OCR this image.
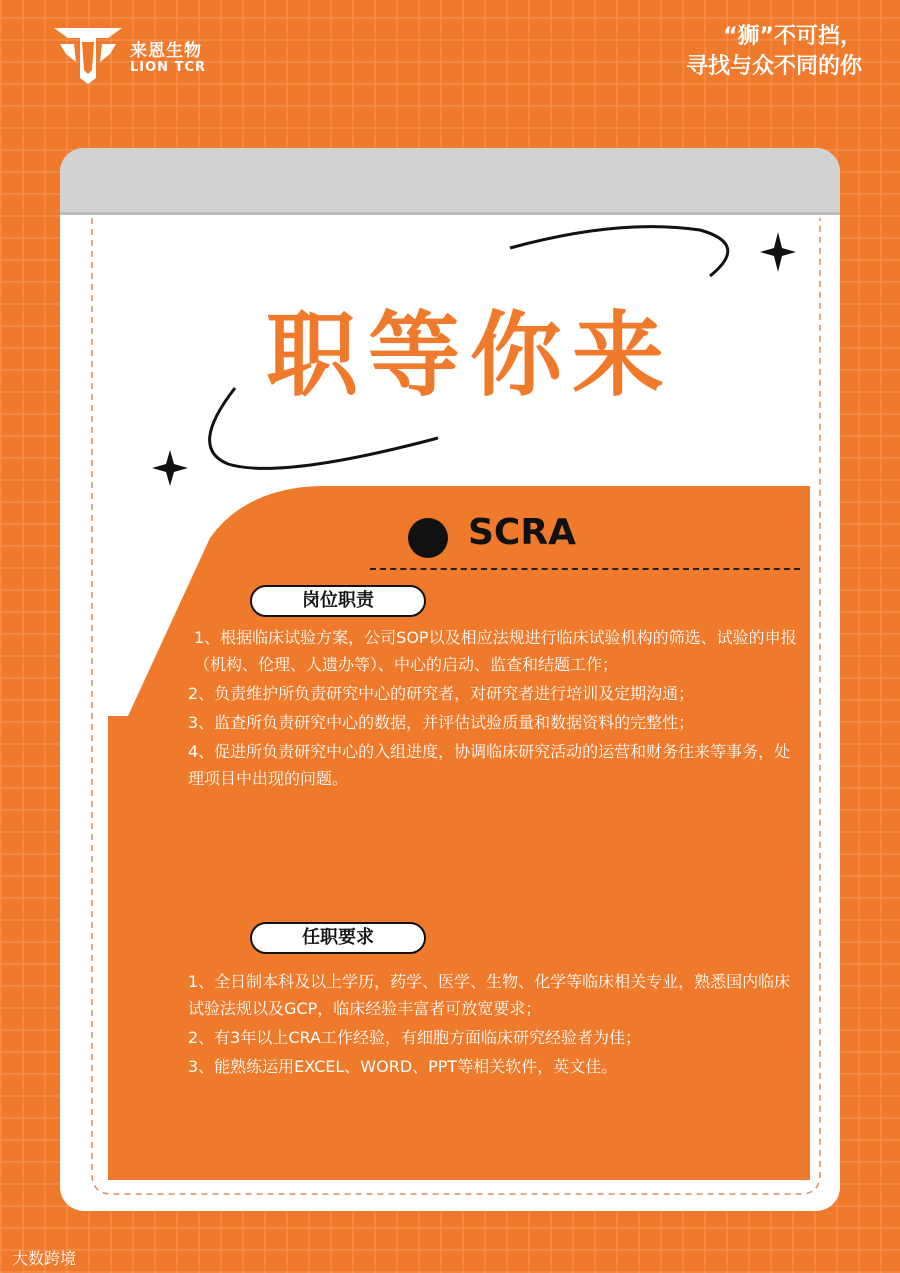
来恩生物
LION TCR
“狮”不可挡，
寻找与众不同的你
职等你来
SCRA
岗位职责

1、根据临床试验方案，公司SOP以及相应法规进行临床试验机构的筛选、试验的申报（机构、伦理、人遗办等）、中心的启动、监查和结题工作；

2、负责维护所负责研究中心的研究者，对研究者进行培训及定期沟通；

3、监查所负责研究中心的数据，并评估试验质量和数据资料的完整性；

4、促进所负责研究中心的入组进度，协调临床研究活动的运营和财务往来等事务，处理项目中出现的问题。

任职要求

1、全日制本科及以上学历，药学、医学、生物、化学等临床相关专业，熟悉国内临床试验法规以及GCP，临床经验丰富者可放宽要求；

2、有3年以上CRA工作经验，有细胞方面临床研究经验者为佳；

3、能熟练运用EXCEL、WORD、PPT等相关软件，英文佳。

大数跨境
